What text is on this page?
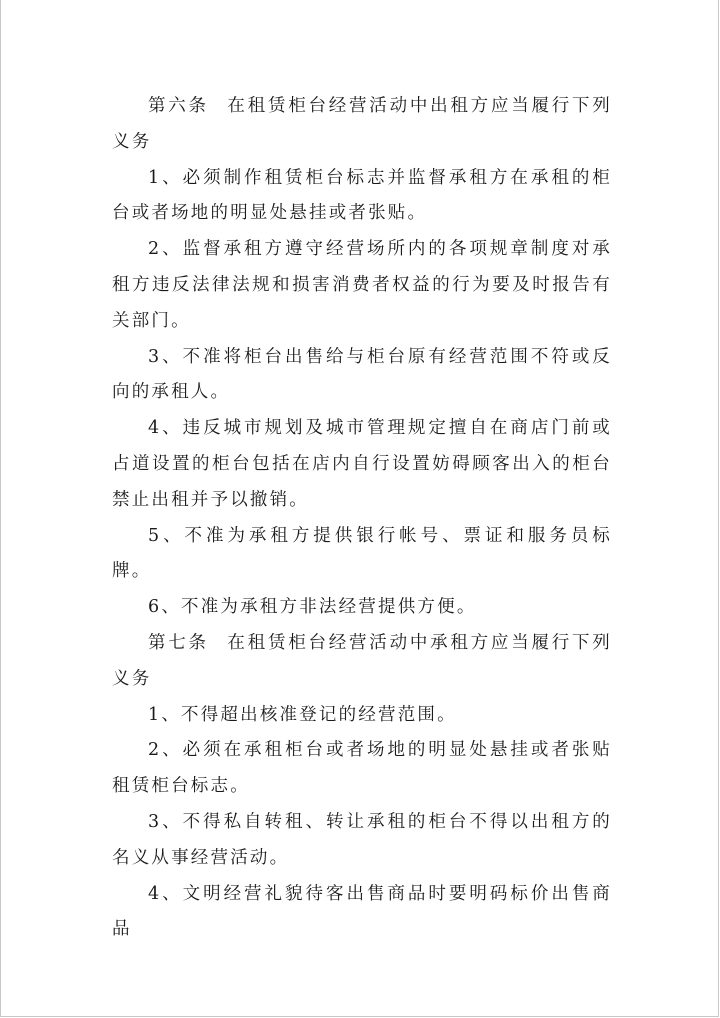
第六条 在租赁柜台经营活动中出租方应当履行下列义务

1、必须制作租赁柜台标志并监督承租方在承租的柜台或者场地的明显处悬挂或者张贴。

2、监督承租方遵守经营场所内的各项规章制度对承租方违反法律法规和损害消费者权益的行为要及时报告有关部门。

3、不准将柜台出售给与柜台原有经营范围不符或反向的承租人。

4、违反城市规划及城市管理规定擅自在商店门前或占道设置的柜台包括在店内自行设置妨碍顾客出入的柜台禁止出租并予以撤销。

5、不准为承租方提供银行帐号、票证和服务员标牌。

6、不准为承租方非法经营提供方便。

第七条 在租赁柜台经营活动中承租方应当履行下列义务

1、不得超出核准登记的经营范围。

2、必须在承租柜台或者场地的明显处悬挂或者张贴租赁柜台标志。

3、不得私自转租、转让承租的柜台不得以出租方的名义从事经营活动。

4、文明经营礼貌待客出售商品时要明码标价出售商品
